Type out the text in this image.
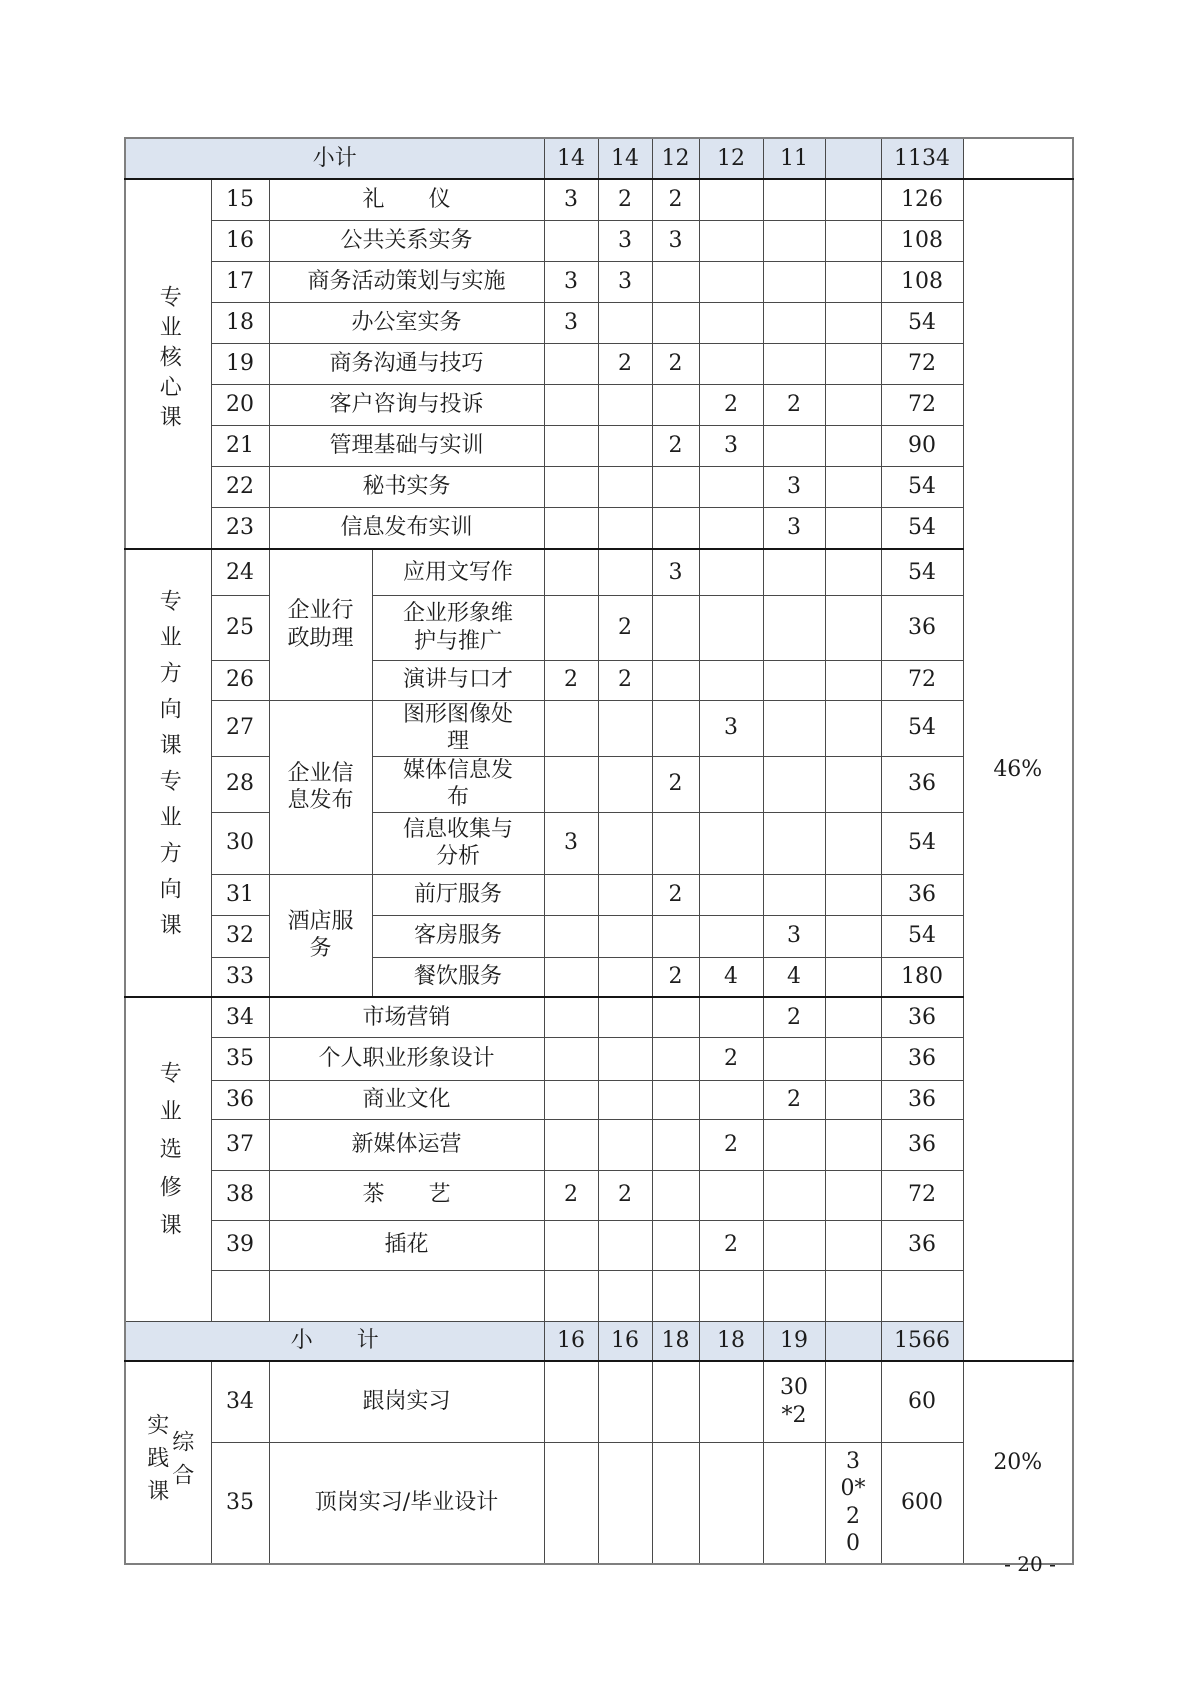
小计				14	14	12	12	11		1134	
专业核心课	15	礼　　仪		3	2	2				126	46%
	16	公共关系实务			3	3				108	
	17	商务活动策划与实施		3	3					108	
	18	办公室实务		3						54	
	19	商务沟通与技巧			2	2				72	
	20	客户咨询与投诉					2	2		72	
	21	管理基础与实训				2	3			90	
	22	秘书实务						3		54	
	23	信息发布实训						3		54	
专业方向课专业方向课	24	企业行政助理	应用文写作			3				54	
	25		企业形象维护与推广		2					36	
	26		演讲与口才	2	2					72	
	27	企业信息发布	图形图像处理				3			54	
	28		媒体信息发布			2				36	
	30		信息收集与分析	3						54	
	31	酒店服务	前厅服务			2				36	
	32		客房服务					3		54	
	33		餐饮服务			2	4	4		180	
专业选修课	34	市场营销						2		36	
	35	个人职业形象设计					2			36	
	36	商业文化						2		36	
	37	新媒体运营					2			36	
	38	茶　　艺		2	2					72	
	39	插花					2			36	

小　　计				16	16	18	18	19		1566	

实践课 综合	34	跟岗实习						30*2		60	20%
	35	顶岗实习/毕业设计							30*20	600	
- 20 -
